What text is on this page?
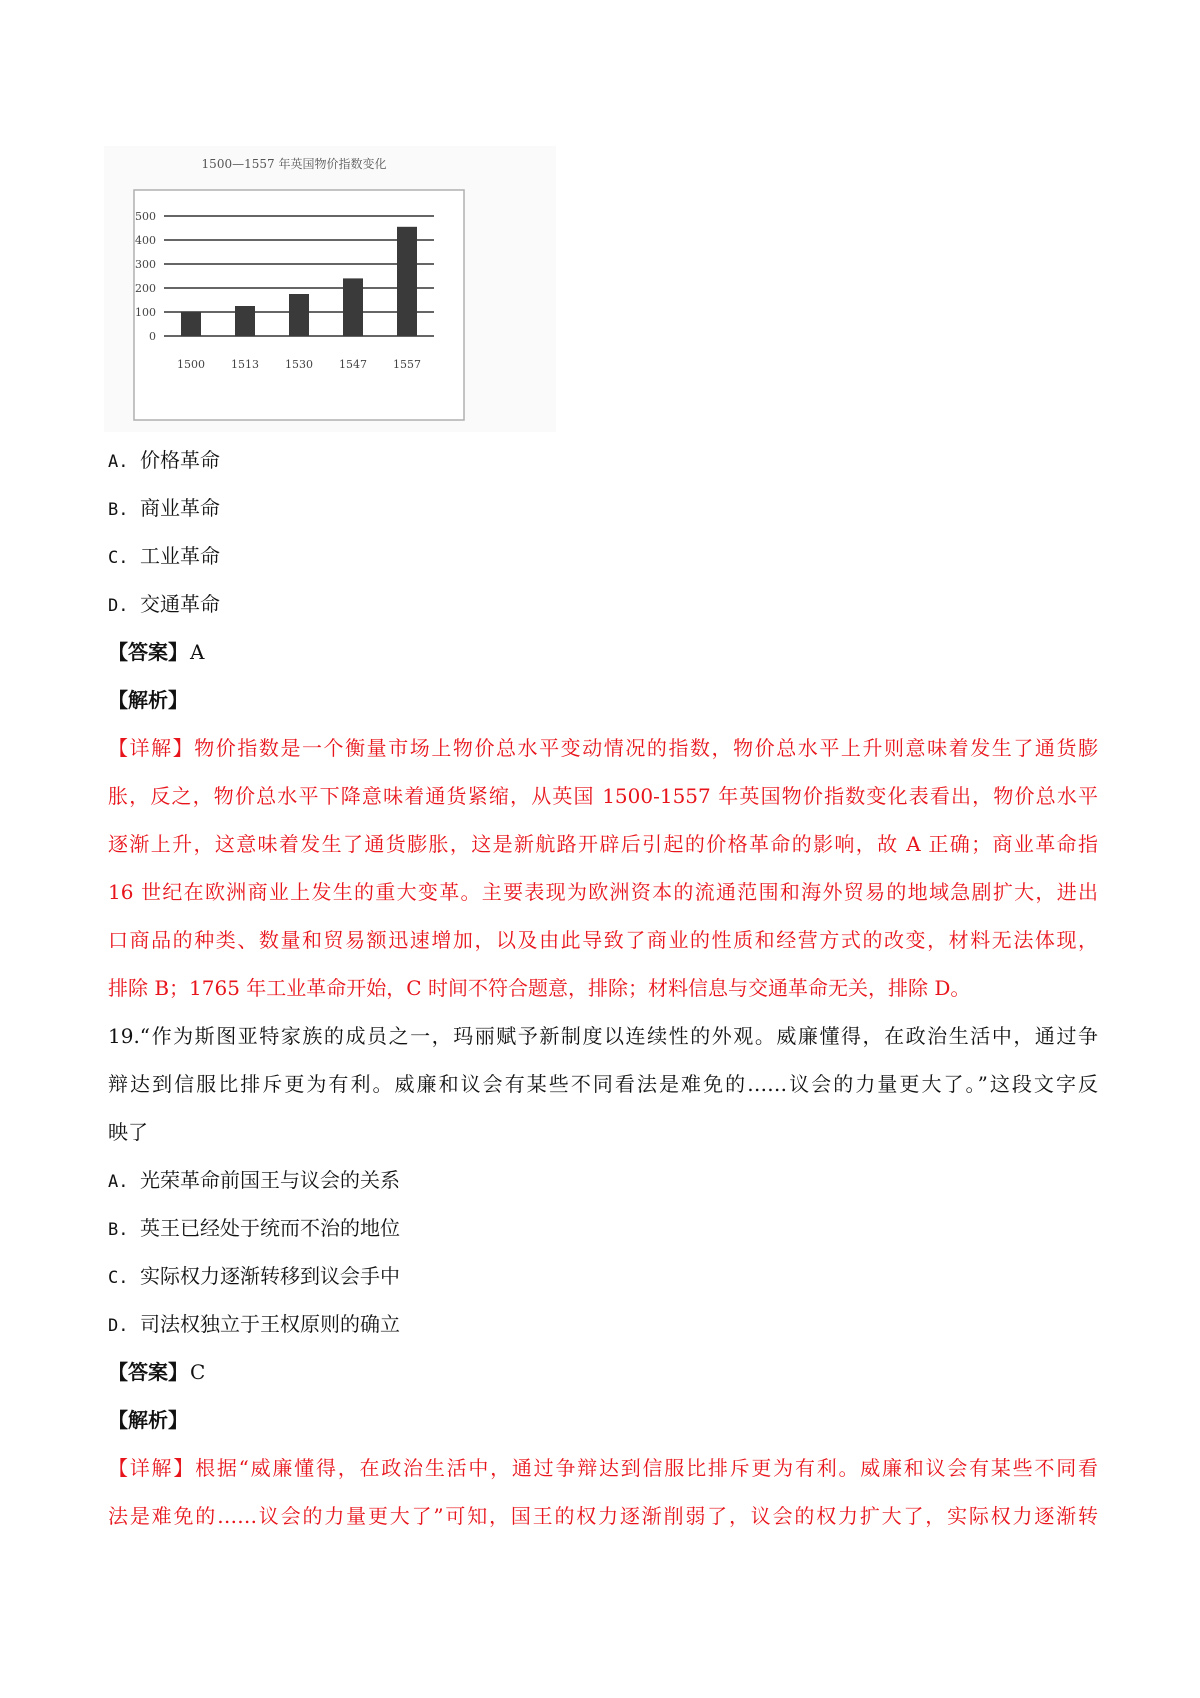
1500—1557 年英国物价指数变化
500
400
300
200
100
0
1500 1513 1530 1547 1557
A. 价格革命
B. 商业革命
C. 工业革命
D. 交通革命
【答案】 A
【解析】
【详解】物价指数是一个衡量市场上物价总水平变动情况的指数，物价总水平上升则意味着发生了通货膨
胀，反之，物价总水平下降意味着通货紧缩，从英国 1500-1557 年英国物价指数变化表看出，物价总水平
逐渐上升，这意味着发生了通货膨胀，这是新航路开辟后引起的价格革命的影响，故 A 正确；商业革命指
16 世纪在欧洲商业上发生的重大变革。主要表现为欧洲资本的流通范围和海外贸易的地域急剧扩大，进出
口商品的种类、数量和贸易额迅速增加，以及由此导致了商业的性质和经营方式的改变，材料无法体现，
排除 B；1765 年工业革命开始，C 时间不符合题意，排除；材料信息与交通革命无关，排除 D。
19.“作为斯图亚特家族的成员之一，玛丽赋予新制度以连续性的外观。威廉懂得，在政治生活中，通过争
辩达到信服比排斥更为有利。威廉和议会有某些不同看法是难免的……议会的力量更大了。”这段文字反
映了
A. 光荣革命前国王与议会的关系
B. 英王已经处于统而不治的地位
C. 实际权力逐渐转移到议会手中
D. 司法权独立于王权原则的确立
【答案】 C
【解析】
【详解】根据“威廉懂得，在政治生活中，通过争辩达到信服比排斥更为有利。威廉和议会有某些不同看
法是难免的……议会的力量更大了”可知，国王的权力逐渐削弱了，议会的权力扩大了，实际权力逐渐转
